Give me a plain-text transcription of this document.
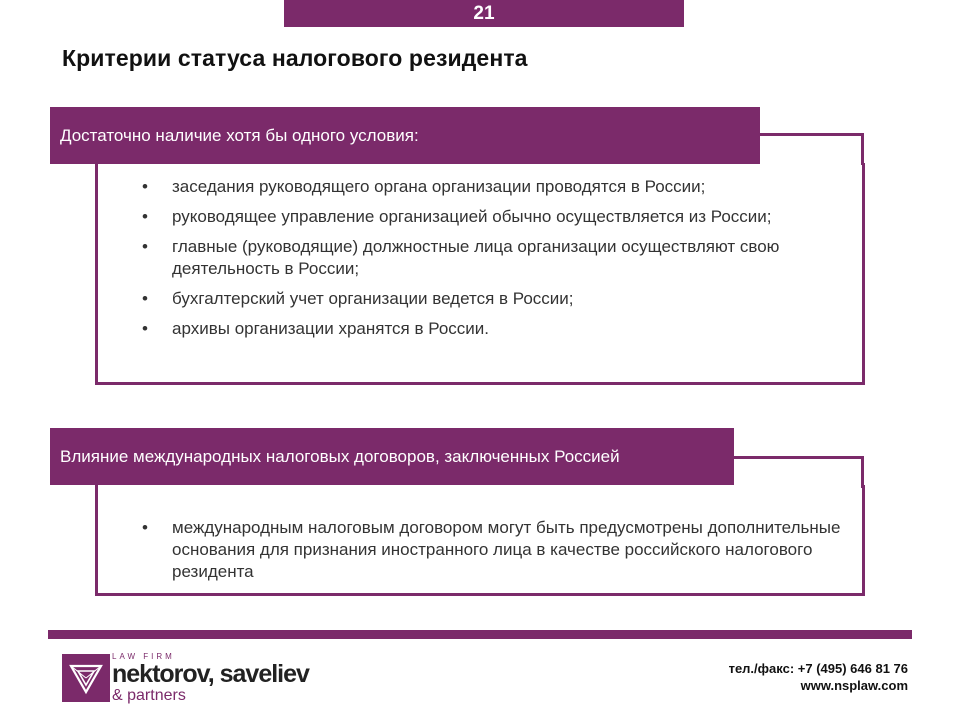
21
Критерии статуса налогового резидента
Достаточно наличие хотя бы одного условия:
•	заседания руководящего органа организации проводятся в России;
•	руководящее управление организацией обычно осуществляется из России;
•	главные (руководящие) должностные лица организации осуществляют свою деятельность в России;
•	бухгалтерский учет организации ведется в России;
•	архивы организации хранятся в России.
Влияние международных налоговых договоров, заключенных Россией
•	международным налоговым договором могут быть предусмотрены дополнительные основания для признания иностранного лица в качестве российского налогового резидента
LAW FIRM
nektorov, saveliev
& partners
тел./факс: +7 (495) 646 81 76
www.nsplaw.com
